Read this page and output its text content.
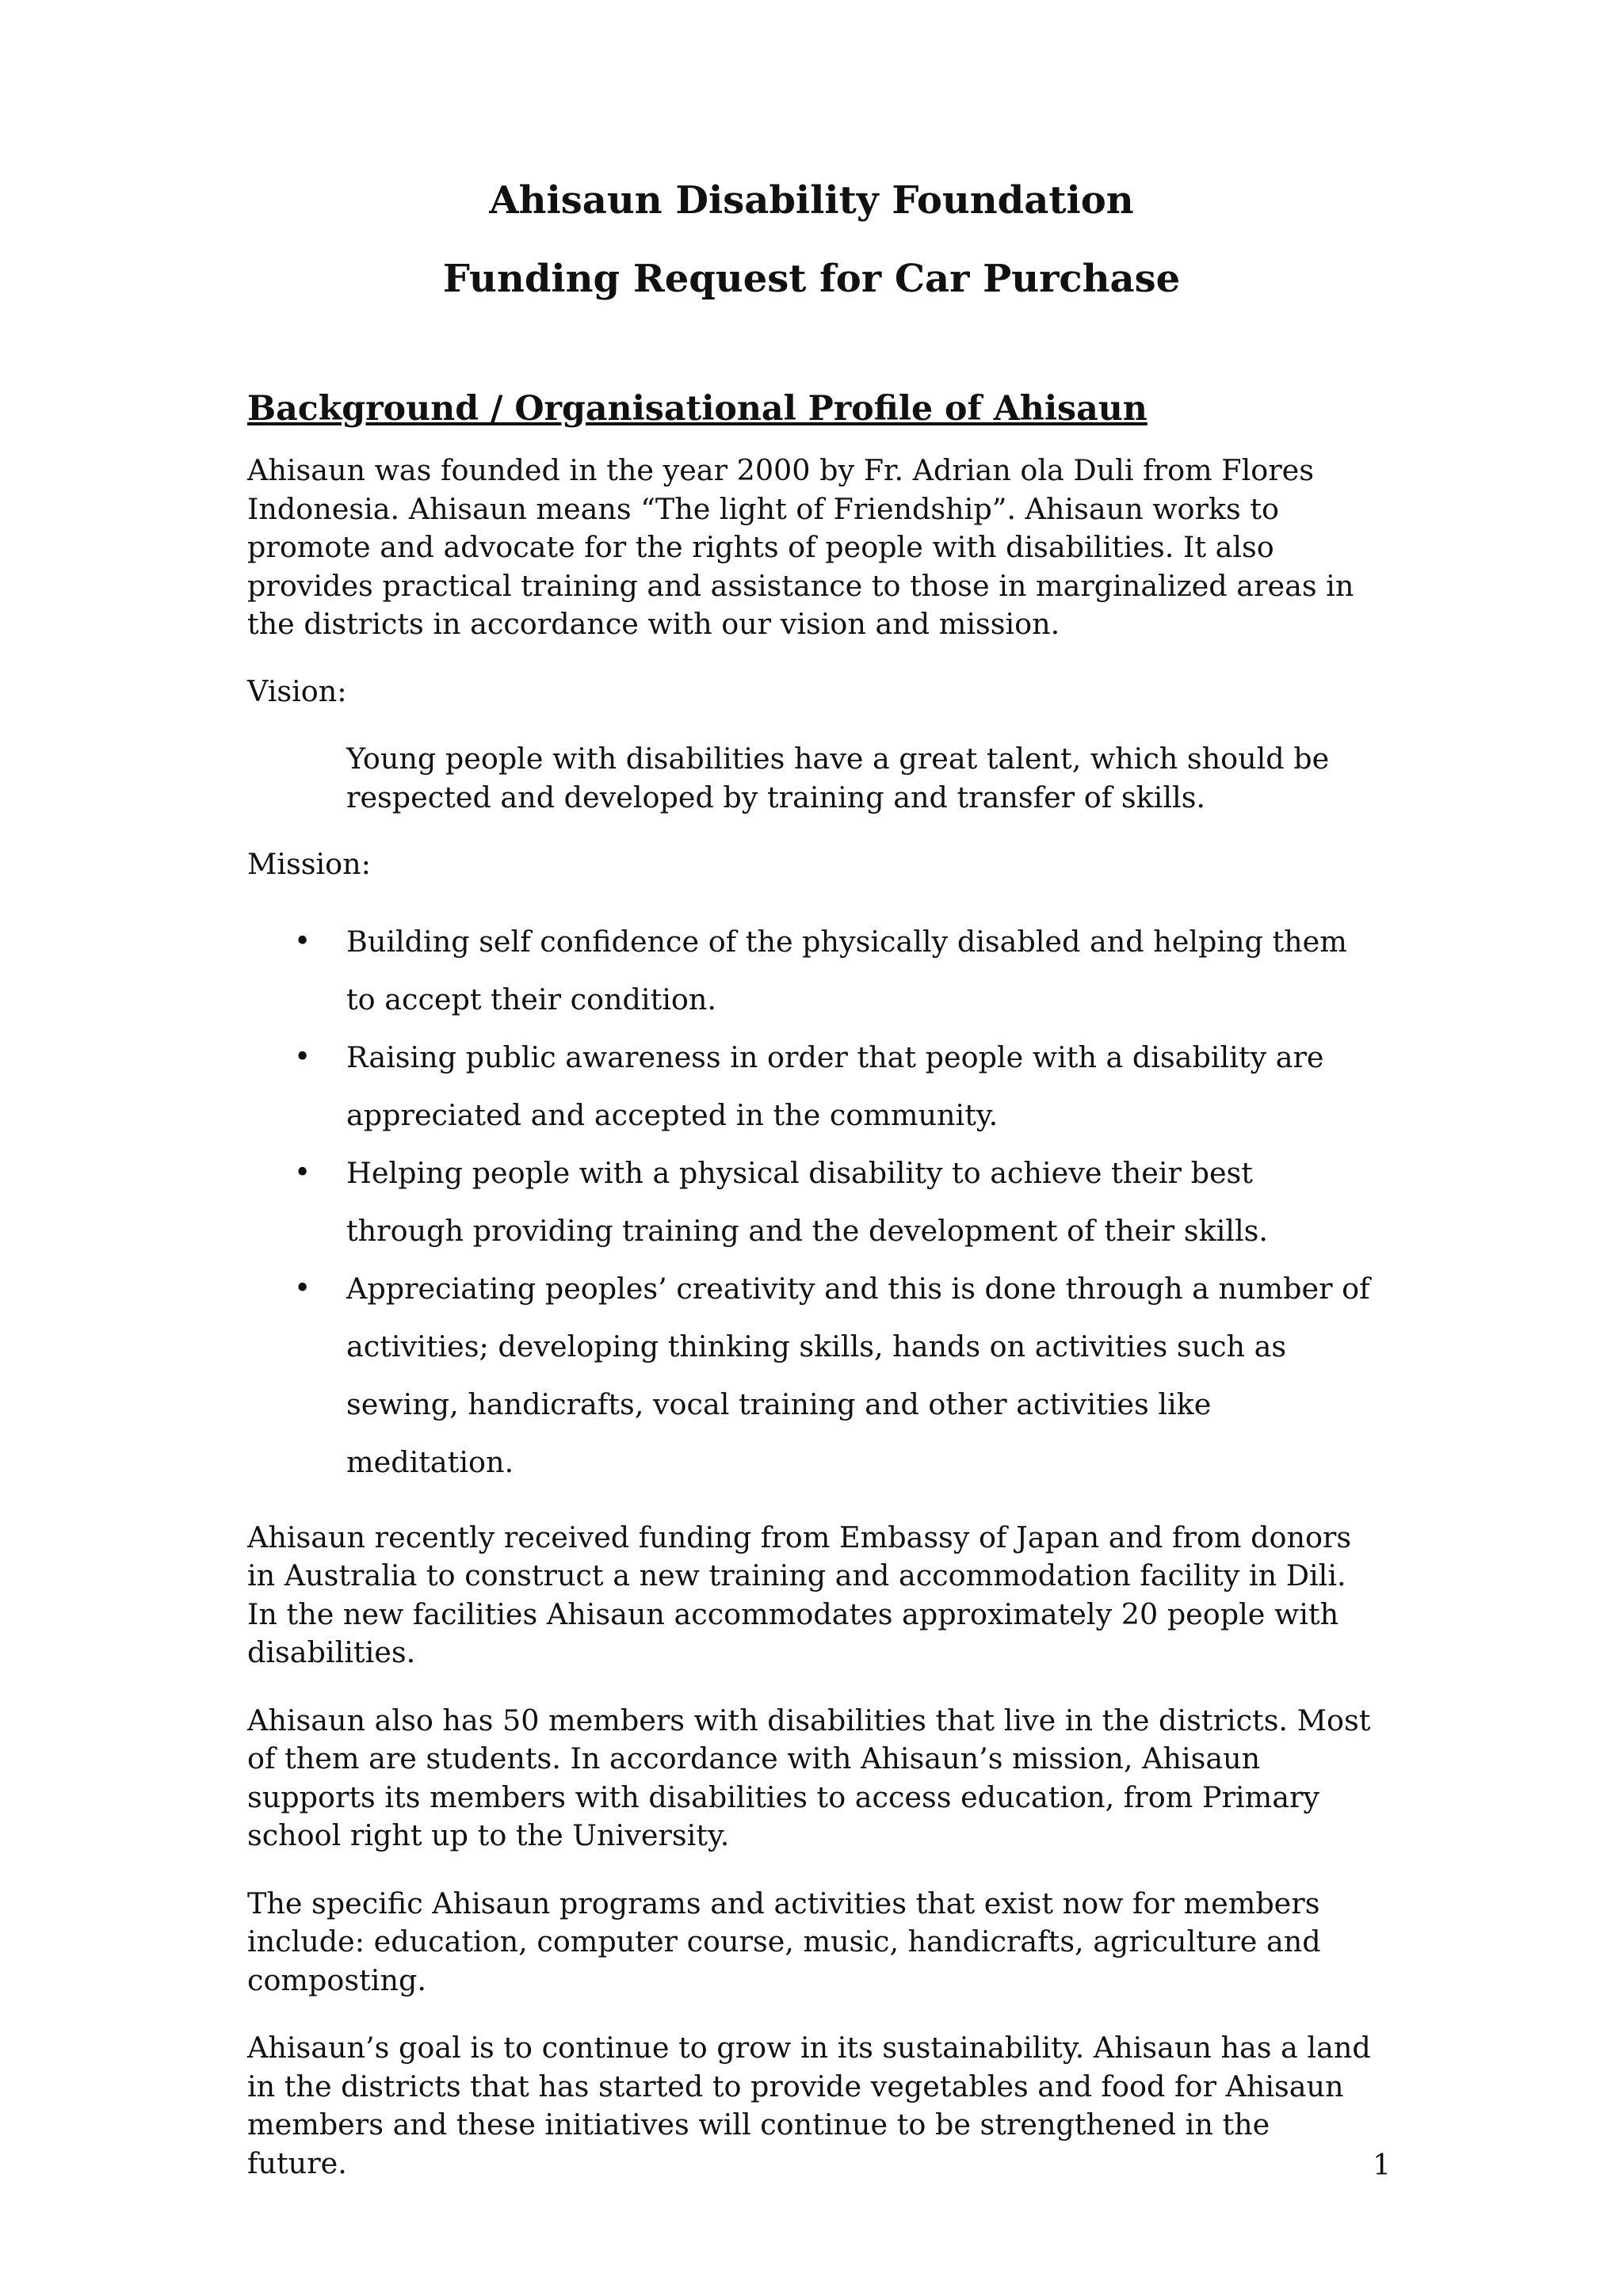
Ahisaun Disability Foundation
Funding Request for Car Purchase
Background / Organisational Profile of Ahisaun

Ahisaun was founded in the year 2000 by Fr. Adrian ola Duli from Flores Indonesia. Ahisaun means “The light of Friendship”. Ahisaun works to promote and advocate for the rights of people with disabilities. It also provides practical training and assistance to those in marginalized areas in the districts in accordance with our vision and mission.

Vision:

Young people with disabilities have a great talent, which should be respected and developed by training and transfer of skills.

Mission:

• Building self confidence of the physically disabled and helping them to accept their condition.
• Raising public awareness in order that people with a disability are appreciated and accepted in the community.
• Helping people with a physical disability to achieve their best through providing training and the development of their skills.
• Appreciating peoples’ creativity and this is done through a number of activities; developing thinking skills, hands on activities such as sewing, handicrafts, vocal training and other activities like meditation.

Ahisaun recently received funding from Embassy of Japan and from donors in Australia to construct a new training and accommodation facility in Dili. In the new facilities Ahisaun accommodates approximately 20 people with disabilities.

Ahisaun also has 50 members with disabilities that live in the districts. Most of them are students. In accordance with Ahisaun’s mission, Ahisaun supports its members with disabilities to access education, from Primary school right up to the University.

The specific Ahisaun programs and activities that exist now for members include: education, computer course, music, handicrafts, agriculture and composting.

Ahisaun’s goal is to continue to grow in its sustainability. Ahisaun has a land in the districts that has started to provide vegetables and food for Ahisaun members and these initiatives will continue to be strengthened in the future.	1
